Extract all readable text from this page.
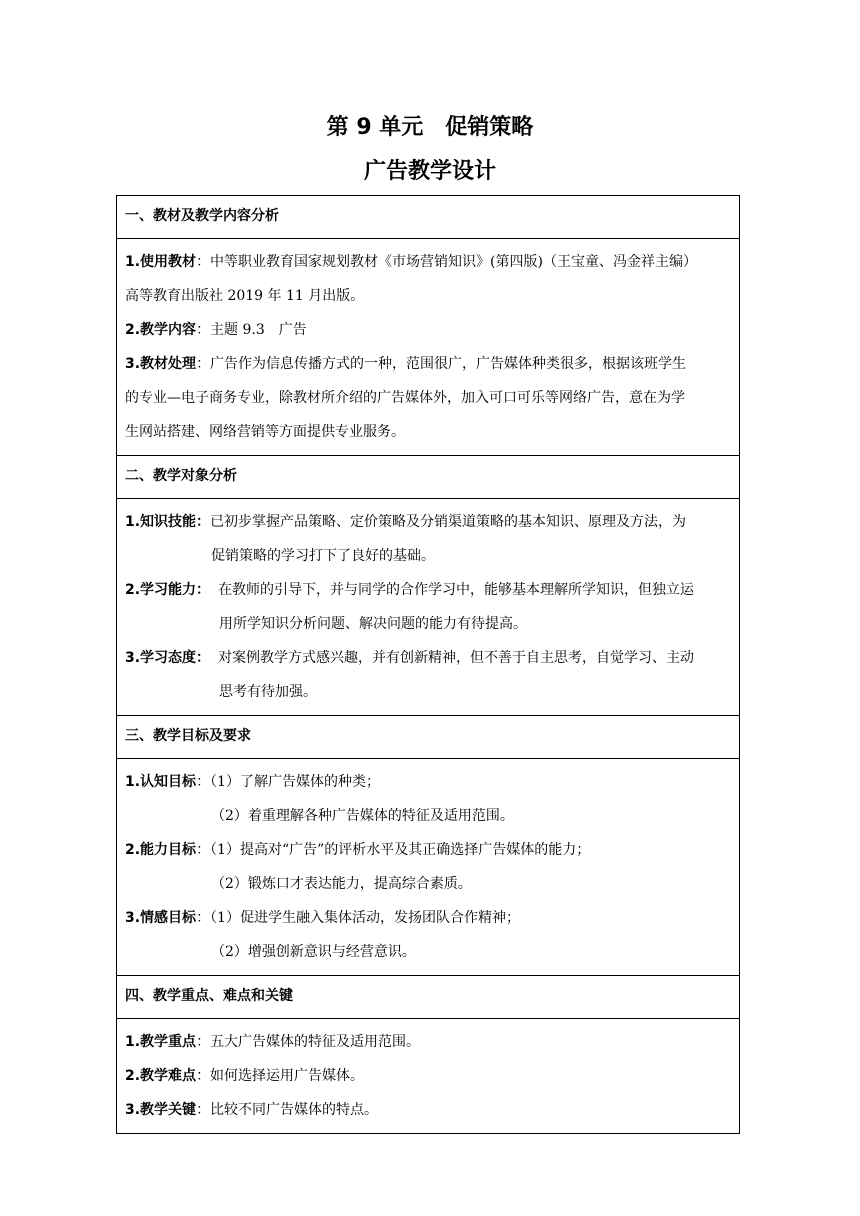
第 9 单元　促销策略
广告教学设计
一、教材及教学内容分析

1.使用教材：中等职业教育国家规划教材《市场营销知识》(第四版)（王宝童、冯金祥主编）
高等教育出版社 2019 年 11 月出版。
2.教学内容：主题 9.3　广告
3.教材处理：广告作为信息传播方式的一种，范围很广，广告媒体种类很多，根据该班学生
的专业—电子商务专业，除教材所介绍的广告媒体外，加入可口可乐等网络广告，意在为学
生网站搭建、网络营销等方面提供专业服务。

二、教学对象分析

1.知识技能：已初步掌握产品策略、定价策略及分销渠道策略的基本知识、原理及方法，为
促销策略的学习打下了良好的基础。
2.学习能力： 在教师的引导下，并与同学的合作学习中，能够基本理解所学知识，但独立运
用所学知识分析问题、解决问题的能力有待提高。
3.学习态度： 对案例教学方式感兴趣，并有创新精神，但不善于自主思考，自觉学习、主动
思考有待加强。

三、教学目标及要求

1.认知目标：（1）了解广告媒体的种类；
（2）着重理解各种广告媒体的特征及适用范围。
2.能力目标：（1）提高对“广告”的评析水平及其正确选择广告媒体的能力；
（2）锻炼口才表达能力，提高综合素质。
3.情感目标：（1）促进学生融入集体活动，发扬团队合作精神；
（2）增强创新意识与经营意识。

四、教学重点、难点和关键

1.教学重点：五大广告媒体的特征及适用范围。
2.教学难点：如何选择运用广告媒体。
3.教学关键：比较不同广告媒体的特点。
